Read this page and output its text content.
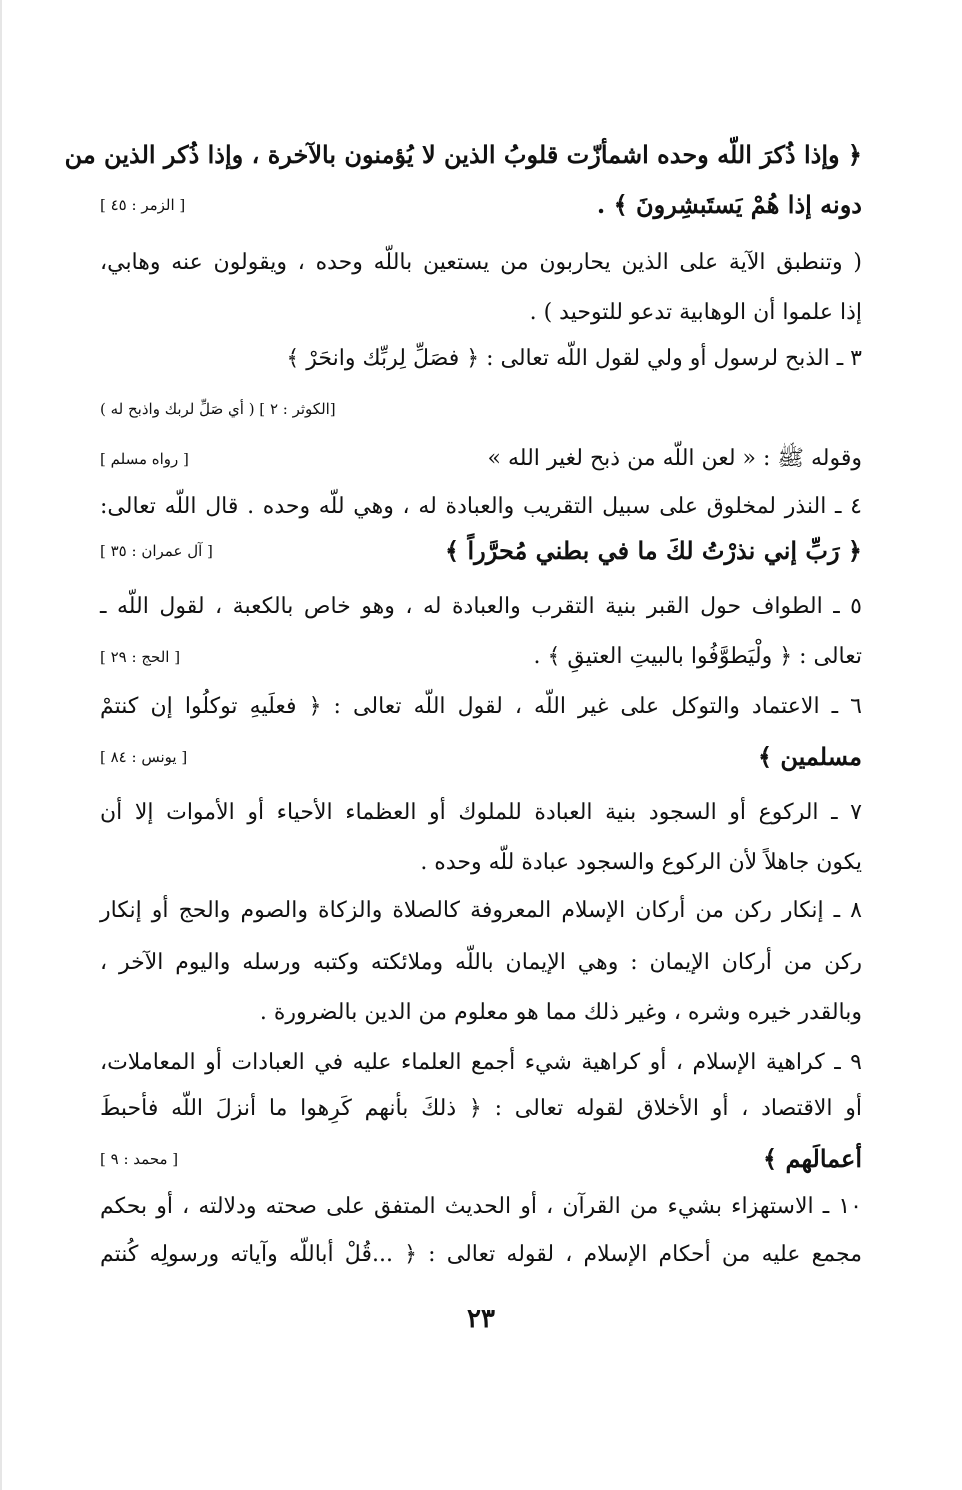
﴿ وإذا ذُكرَ اللّه وحده اشمأزّت قلوبُ الذين لا يُؤمنون بالآخرة ، وإذا ذُكر الذين من
دونه إذا هُمْ يَستَبشِرونَ ﴾ .
[ الزمر : ٤٥ ]
( وتنطبق الآية على الذين يحاربون من يستعين باللّه وحده ، ويقولون عنه وهابي،
إذا علموا أن الوهابية تدعو للتوحيد ) .
٣ ـ الذبح لرسول أو ولي لقول اللّه تعالى : ﴿ فصَلِّ لِربِّك وانحَرْ ﴾
[الكوثر : ٢ ] ( أي صَلِّ لربك واذبح له )
وقوله ﷺ : « لعن اللّه من ذبح لغير الله »
[ رواه مسلم ]
٤ ـ النذر لمخلوق على سبيل التقريب والعبادة له ، وهي للّه وحده . قال اللّه تعالى:
﴿ رَبِّ إني نذرْتُ لكَ ما في بطني مُحرَّراً ﴾
[ آل عمران : ٣٥ ]
٥ ـ الطواف حول القبر بنية التقرب والعبادة له ، وهو خاص بالكعبة ، لقول اللّه ـ
تعالى : ﴿ ولْيَطوَّفُوا بالبيتِ العتيقِ ﴾ .
[ الحج : ٢٩ ]
٦ ـ الاعتماد والتوكل على غير اللّه ، لقول اللّه تعالى : ﴿ فعلَيهِ توكلُوا إن كنتمْ
مسلمين ﴾
[ يونس : ٨٤ ]
٧ ـ الركوع أو السجود بنية العبادة للملوك أو العظماء الأحياء أو الأموات إلا أن
يكون جاهلاً لأن الركوع والسجود عبادة للّه وحده .
٨ ـ إنكار ركن من أركان الإسلام المعروفة كالصلاة والزكاة والصوم والحج أو إنكار
ركن من أركان الإيمان : وهي الإيمان باللّه وملائكته وكتبه ورسله واليوم الآخر ،
وبالقدر خيره وشره ، وغير ذلك مما هو معلوم من الدين بالضرورة .
٩ ـ كراهية الإسلام ، أو كراهية شيء أجمع العلماء عليه في العبادات أو المعاملات،
أو الاقتصاد ، أو الأخلاق لقوله تعالى : ﴿ ذلكَ بأنهم كَرِهوا ما أنزلَ اللّه فأحبطَ
أعمالَهم ﴾
[ محمد : ٩ ]
١٠ ـ الاستهزاء بشيء من القرآن ، أو الحديث المتفق على صحته ودلالته ، أو بحكم
مجمع عليه من أحكام الإسلام ، لقوله تعالى : ﴿ ...قُلْ أباللّه وآياته ورسولِه كُنتم
٢٣
